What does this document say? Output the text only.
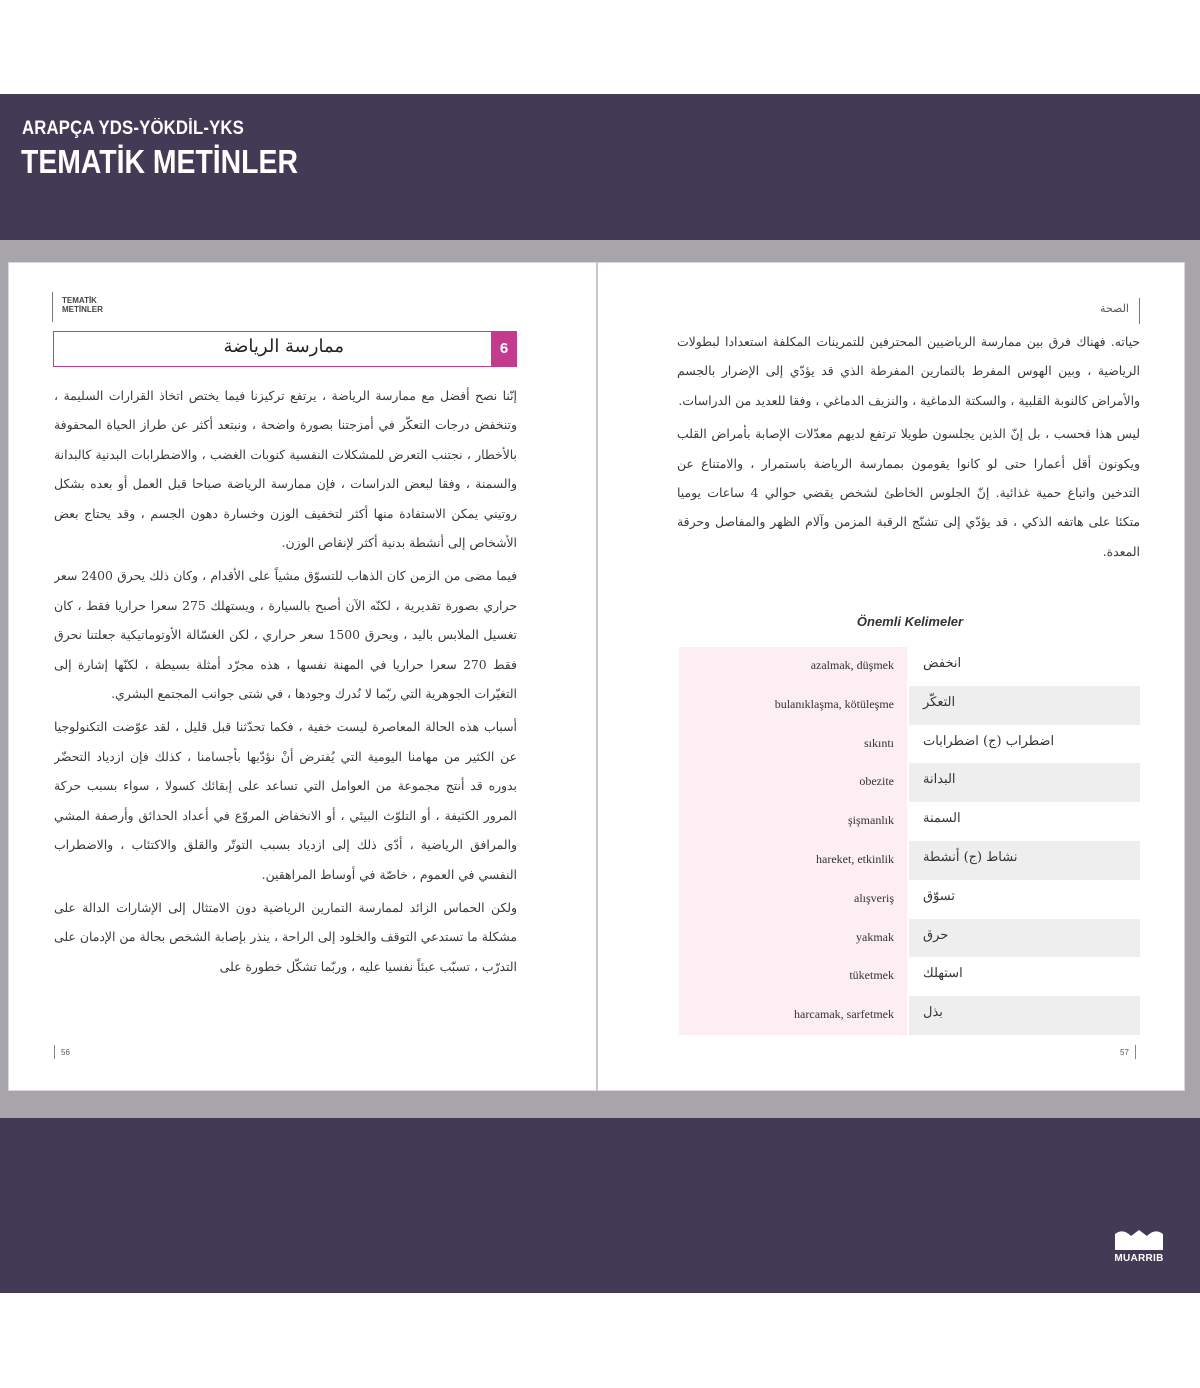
ARAPÇA YDS-YÖKDİL-YKS
TEMATİK METİNLER
TEMATİK METİNLER
6
ممارسة الرياضة

إنّنا نصح أفضل مع ممارسة الرياضة ، يرتفع تركيزنا فيما يختص اتخاذ القرارات السليمة ، وتنخفض درجات التعكّر في أمزجتنا بصورة واضحة ، ونبتعد أكثر عن طراز الحياة المحفوفة بالأخطار ، نجتنب التعرض للمشكلات النفسية كنوبات الغضب ، والاضطرابات البدنية كالبدانة والسمنة ، وفقا لبعض الدراسات ، فإن ممارسة الرياضة صباحا قبل العمل أو بعده بشكل روتيني يمكن الاستفادة منها أكثر لتخفيف الوزن وخسارة دهون الجسم ، وقد يحتاج بعض الأشخاص إلى أنشطة بدنية أكثر لإنقاص الوزن.

فيما مضى من الزمن كان الذهاب للتسوّق مشياً على الأقدام ، وكان ذلك يحرق 2400 سعر حراري بصورة تقديرية ، لكنّه الآن أصبح بالسيارة ، ويستهلك 275 سعرا حراريا فقط ، كان تغسيل الملابس باليد ، ويحرق 1500 سعر حراري ، لكن الغسّالة الأوتوماتيكية جعلتنا نحرق فقط 270 سعرا حراريا في المهنة نفسها ، هذه مجرّد أمثلة بسيطة ، لكنّها إشارة إلى التغيّرات الجوهرية التي ربّما لا نُدرك وجودها ، في شتى جوانب المجتمع البشري.

أسباب هذه الحالة المعاصرة ليست خفية ، فكما تحدّثنا قبل قليل ، لقد عوّضت التكنولوجيا عن الكثير من مهامنا اليومية التي يُفترض أنْ نؤدّيها بأجسامنا ، كذلك فإن ازدياد التحضّر بدوره قد أنتج مجموعة من العوامل التي تساعد على إبقائك كسولا ، سواء بسبب حركة المرور الكثيفة ، أو التلوّث البيئي ، أو الانخفاض المروّع في أعداد الحدائق وأرصفة المشي والمرافق الرياضية ، أدّى ذلك إلى ازدياد بسبب التوتّر والقلق والاكتئاب ، والاضطراب النفسي في العموم ، خاصّة في أوساط المراهقين.

ولكن الحماس الزائد لممارسة التمارين الرياضية دون الامتثال إلى الإشارات الدالة على مشكلة ما تستدعي التوقف والخلود إلى الراحة ، ينذر بإصابة الشخص بحالة من الإدمان على التدرّب ، تسبّب عبئاً نفسيا عليه ، وربّما تشكّل خطورة على

56
الصحة

حياته. فهناك فرق بين ممارسة الرياضيين المحترفين للتمرينات المكلفة استعدادا لبطولات الرياضية ، وبين الهوس المفرط بالتمارين المفرطة الذي قد يؤدّي إلى الإضرار بالجسم والأمراض كالنوبة القلبية ، والسكتة الدماغية ، والنزيف الدماغي ، وفقا للعديد من الدراسات.

ليس هذا فحسب ، بل إنّ الذين يجلسون طويلا ترتفع لديهم معدّلات الإصابة بأمراض القلب ويكونون أقل أعمارا حتى لو كانوا يقومون بممارسة الرياضة باستمرار ، والامتناع عن التدخين واتباع حمية غذائية. إنّ الجلوس الخاطئ لشخص يقضي حوالي 4 ساعات يوميا متكئا على هاتفه الذكي ، قد يؤدّي إلى تشنّج الرقبة المزمن وآلام الظهر والمفاصل وحرقة المعدة.

Önemli Kelimeler
azalmak, düşmek انخفض
bulanıklaşma, kötüleşme التعكّر
sıkıntı اضطراب (ج) اضطرابات
obezite البدانة
şişmanlık السمنة
hareket, etkinlik نشاط (ج) أنشطة
alışveriş تسوّق
yakmak حرق
tüketmek استهلك
harcamak, sarfetmek بذل
57
MUARRIB
